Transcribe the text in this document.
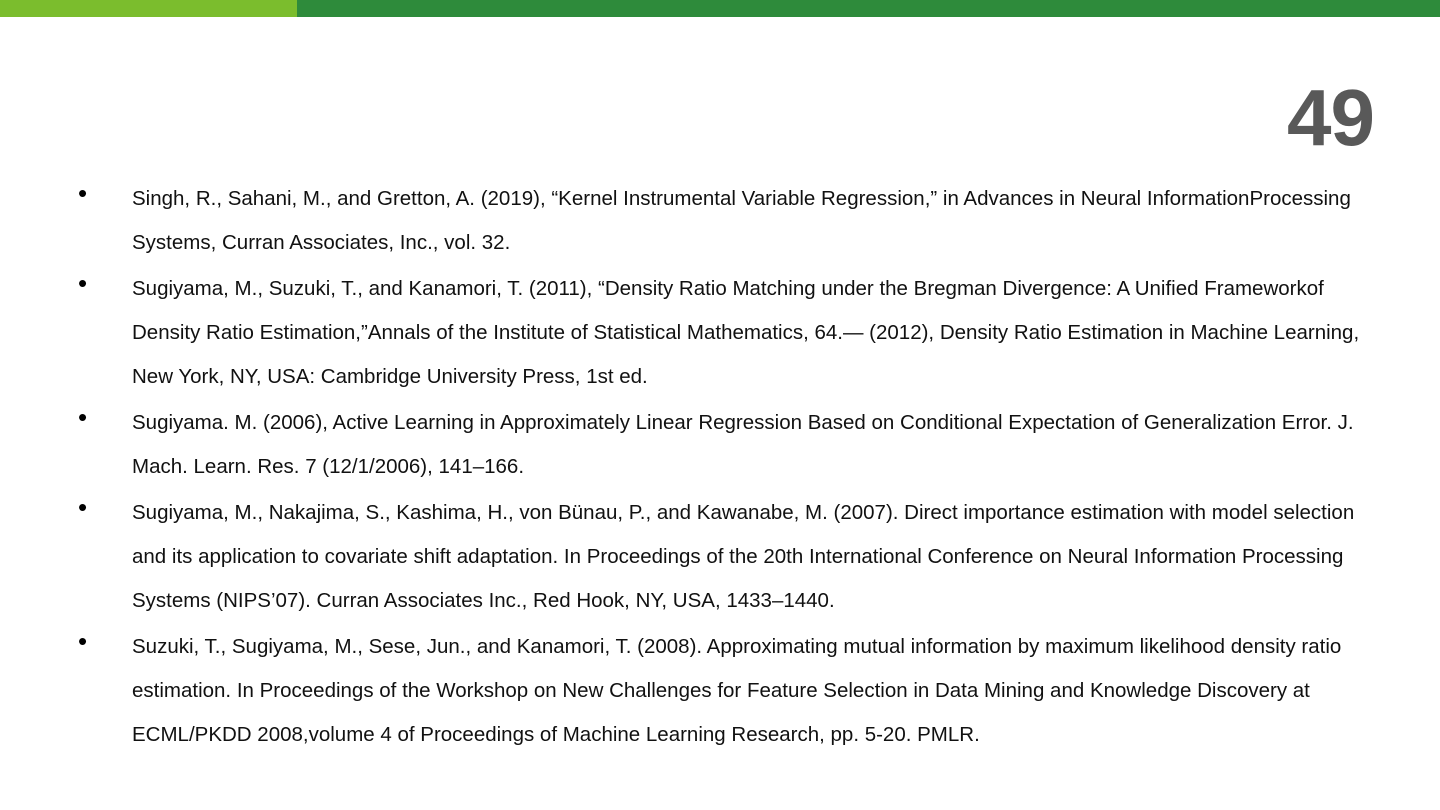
49
• Singh, R., Sahani, M., and Gretton, A. (2019), “Kernel Instrumental Variable Regression,” in Advances in Neural InformationProcessing Systems, Curran Associates, Inc., vol. 32.
• Sugiyama, M., Suzuki, T., and Kanamori, T. (2011), “Density Ratio Matching under the Bregman Divergence: A Unified Frameworkof Density Ratio Estimation,”Annals of the Institute of Statistical Mathematics, 64.— (2012), Density Ratio Estimation in Machine Learning, New York, NY, USA: Cambridge University Press, 1st ed.
• Sugiyama. M. (2006), Active Learning in Approximately Linear Regression Based on Conditional Expectation of Generalization Error. J. Mach. Learn. Res. 7 (12/1/2006), 141–166.
• Sugiyama, M., Nakajima, S., Kashima, H., von Bünau, P., and Kawanabe, M. (2007). Direct importance estimation with model selection and its application to covariate shift adaptation. In Proceedings of the 20th International Conference on Neural Information Processing Systems (NIPS’07). Curran Associates Inc., Red Hook, NY, USA, 1433–1440.
• Suzuki, T., Sugiyama, M., Sese, Jun., and Kanamori, T. (2008). Approximating mutual information by maximum likelihood density ratio estimation. In Proceedings of the Workshop on New Challenges for Feature Selection in Data Mining and Knowledge Discovery at ECML/PKDD 2008,volume 4 of Proceedings of Machine Learning Research, pp. 5-20. PMLR.
